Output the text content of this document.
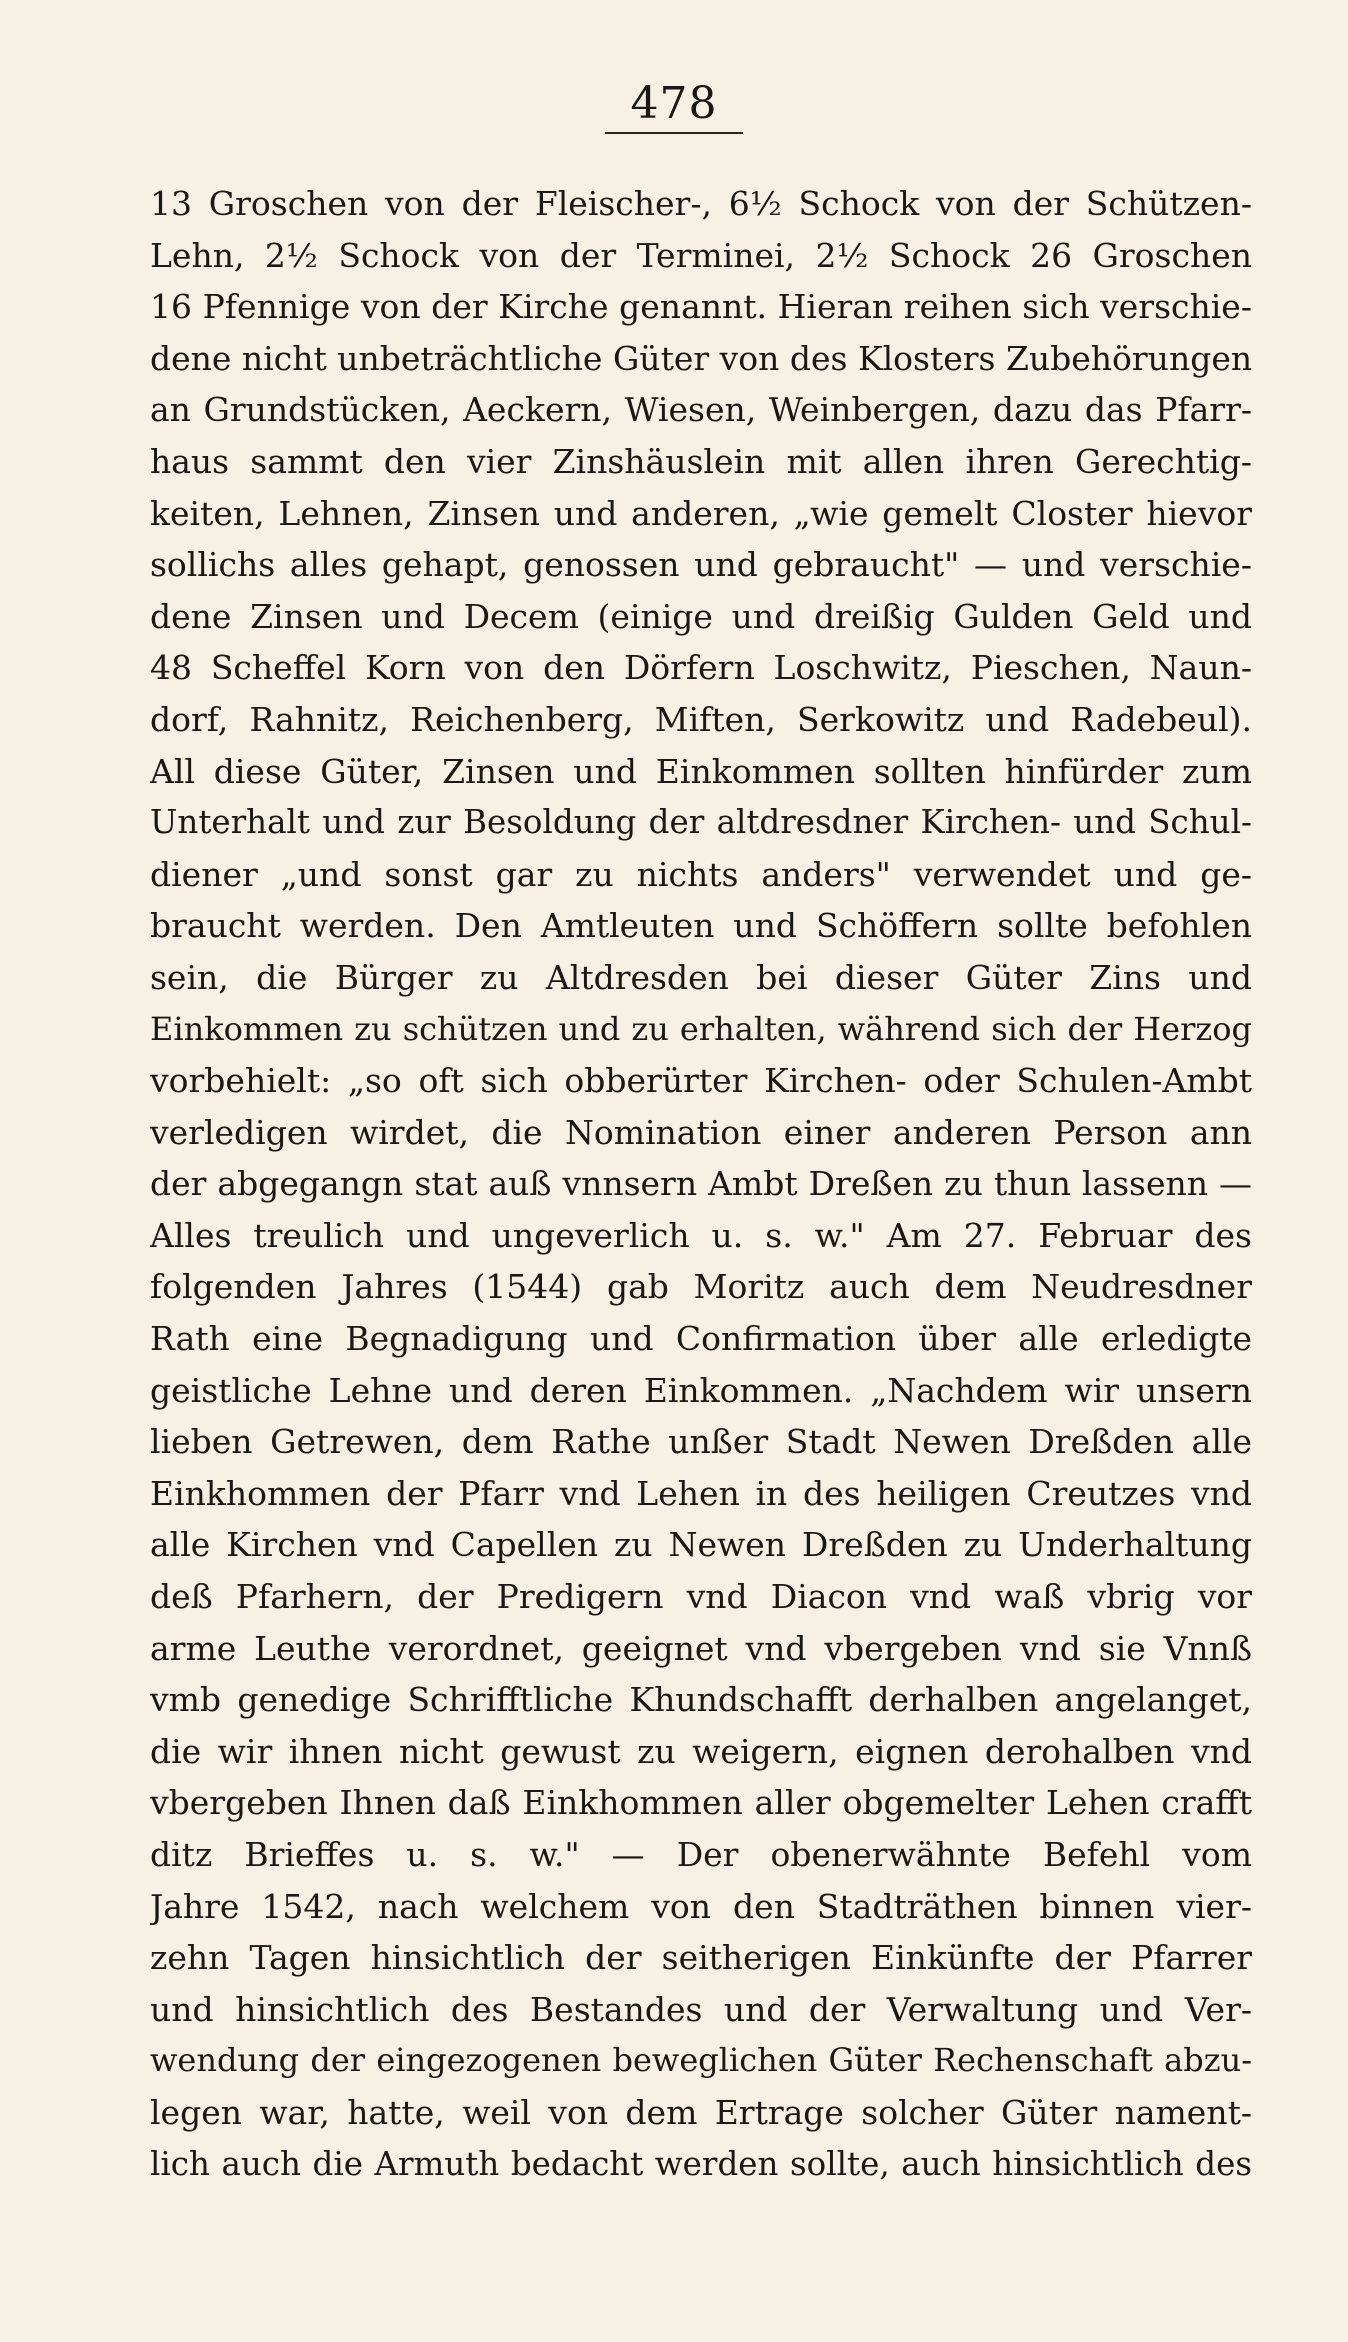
478
13 Groschen von der Fleischer-, 6½ Schock von der Schützen-
Lehn, 2½ Schock von der Terminei, 2½ Schock 26 Groschen
16 Pfennige von der Kirche genannt. Hieran reihen sich verschie-
dene nicht unbeträchtliche Güter von des Klosters Zubehörungen
an Grundstücken, Aeckern, Wiesen, Weinbergen, dazu das Pfarr-
haus sammt den vier Zinshäuslein mit allen ihren Gerechtig-
keiten, Lehnen, Zinsen und anderen, „wie gemelt Closter hievor
sollichs alles gehapt, genossen und gebraucht" — und verschie-
dene Zinsen und Decem (einige und dreißig Gulden Geld und
48 Scheffel Korn von den Dörfern Loschwitz, Pieschen, Naun-
dorf, Rahnitz, Reichenberg, Miften, Serkowitz und Radebeul).
All diese Güter, Zinsen und Einkommen sollten hinfürder zum
Unterhalt und zur Besoldung der altdresdner Kirchen- und Schul-
diener „und sonst gar zu nichts anders" verwendet und ge-
braucht werden. Den Amtleuten und Schöffern sollte befohlen
sein, die Bürger zu Altdresden bei dieser Güter Zins und
Einkommen zu schützen und zu erhalten, während sich der Herzog
vorbehielt: „so oft sich obberürter Kirchen- oder Schulen-Ambt
verledigen wirdet, die Nomination einer anderen Person ann
der abgegangn stat auß vnnsern Ambt Dreßen zu thun lassenn —
Alles treulich und ungeverlich u. s. w." Am 27. Februar des
folgenden Jahres (1544) gab Moritz auch dem Neudresdner
Rath eine Begnadigung und Confirmation über alle erledigte
geistliche Lehne und deren Einkommen. „Nachdem wir unsern
lieben Getrewen, dem Rathe unßer Stadt Newen Dreßden alle
Einkhommen der Pfarr vnd Lehen in des heiligen Creutzes vnd
alle Kirchen vnd Capellen zu Newen Dreßden zu Underhaltung
deß Pfarhern, der Predigern vnd Diacon vnd waß vbrig vor
arme Leuthe verordnet, geeignet vnd vbergeben vnd sie Vnnß
vmb genedige Schrifftliche Khundschafft derhalben angelanget,
die wir ihnen nicht gewust zu weigern, eignen derohalben vnd
vbergeben Ihnen daß Einkhommen aller obgemelter Lehen crafft
ditz Brieffes u. s. w." — Der obenerwähnte Befehl vom
Jahre 1542, nach welchem von den Stadträthen binnen vier-
zehn Tagen hinsichtlich der seitherigen Einkünfte der Pfarrer
und hinsichtlich des Bestandes und der Verwaltung und Ver-
wendung der eingezogenen beweglichen Güter Rechenschaft abzu-
legen war, hatte, weil von dem Ertrage solcher Güter nament-
lich auch die Armuth bedacht werden sollte, auch hinsichtlich des
